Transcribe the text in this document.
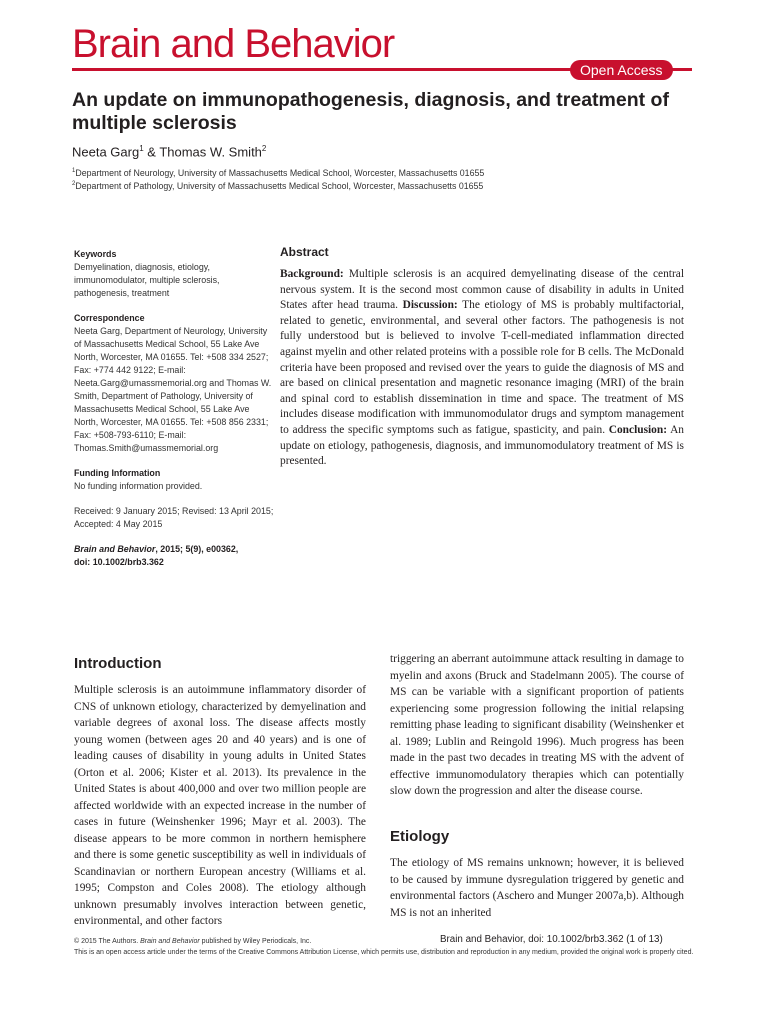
Brain and Behavior
Open Access
An update on immunopathogenesis, diagnosis, and treatment of multiple sclerosis
Neeta Garg$^1$ & Thomas W. Smith$^2$
$^1$Department of Neurology, University of Massachusetts Medical School, Worcester, Massachusetts 01655
$^2$Department of Pathology, University of Massachusetts Medical School, Worcester, Massachusetts 01655
Keywords
Demyelination, diagnosis, etiology, immunomodulator, multiple sclerosis, pathogenesis, treatment
Correspondence
Neeta Garg, Department of Neurology, University of Massachusetts Medical School, 55 Lake Ave North, Worcester, MA 01655. Tel: +508 334 2527; Fax: +774 442 9122; E-mail: Neeta.Garg@umassmemorial.org and Thomas W. Smith, Department of Pathology, University of Massachusetts Medical School, 55 Lake Ave North, Worcester, MA 01655. Tel: +508 856 2331; Fax: +508-793-6110; E-mail: Thomas.Smith@umassmemorial.org
Funding Information
No funding information provided.
Received: 9 January 2015; Revised: 13 April 2015; Accepted: 4 May 2015
Brain and Behavior, 2015; 5(9), e00362,
doi: 10.1002/brb3.362
Abstract
Background: Multiple sclerosis is an acquired demyelinating disease of the central nervous system. It is the second most common cause of disability in adults in United States after head trauma. Discussion: The etiology of MS is probably multifactorial, related to genetic, environmental, and several other factors. The pathogenesis is not fully understood but is believed to involve T-cell-mediated inflammation directed against myelin and other related proteins with a possible role for B cells. The McDonald criteria have been proposed and revised over the years to guide the diagnosis of MS and are based on clinical presentation and magnetic resonance imaging (MRI) of the brain and spinal cord to establish dissemination in time and space. The treatment of MS includes disease modification with immunomodulator drugs and symptom management to address the specific symptoms such as fatigue, spasticity, and pain. Conclusion: An update on etiology, pathogenesis, diagnosis, and immunomodulatory treatment of MS is presented.
Introduction
Multiple sclerosis is an autoimmune inflammatory disorder of CNS of unknown etiology, characterized by demyelination and variable degrees of axonal loss. The disease affects mostly young women (between ages 20 and 40 years) and is one of leading causes of disability in young adults in United States (Orton et al. 2006; Kister et al. 2013). Its prevalence in the United States is about 400,000 and over two million people are affected worldwide with an expected increase in the number of cases in future (Weinshenker 1996; Mayr et al. 2003). The disease appears to be more common in northern hemisphere and there is some genetic susceptibility as well in individuals of Scandinavian or northern European ancestry (Williams et al. 1995; Compston and Coles 2008). The etiology although unknown presumably involves interaction between genetic, environmental, and other factors
triggering an aberrant autoimmune attack resulting in damage to myelin and axons (Bruck and Stadelmann 2005). The course of MS can be variable with a significant proportion of patients experiencing some progression following the initial relapsing remitting phase leading to significant disability (Weinshenker et al. 1989; Lublin and Reingold 1996). Much progress has been made in the past two decades in treating MS with the advent of effective immunomodulatory therapies which can potentially slow down the progression and alter the disease course.
Etiology
The etiology of MS remains unknown; however, it is believed to be caused by immune dysregulation triggered by genetic and environmental factors (Aschero and Munger 2007a,b). Although MS is not an inherited
© 2015 The Authors. Brain and Behavior published by Wiley Periodicals, Inc.	Brain and Behavior, doi: 10.1002/brb3.362 (1 of 13)
This is an open access article under the terms of the Creative Commons Attribution License, which permits use, distribution and reproduction in any medium, provided the original work is properly cited.
